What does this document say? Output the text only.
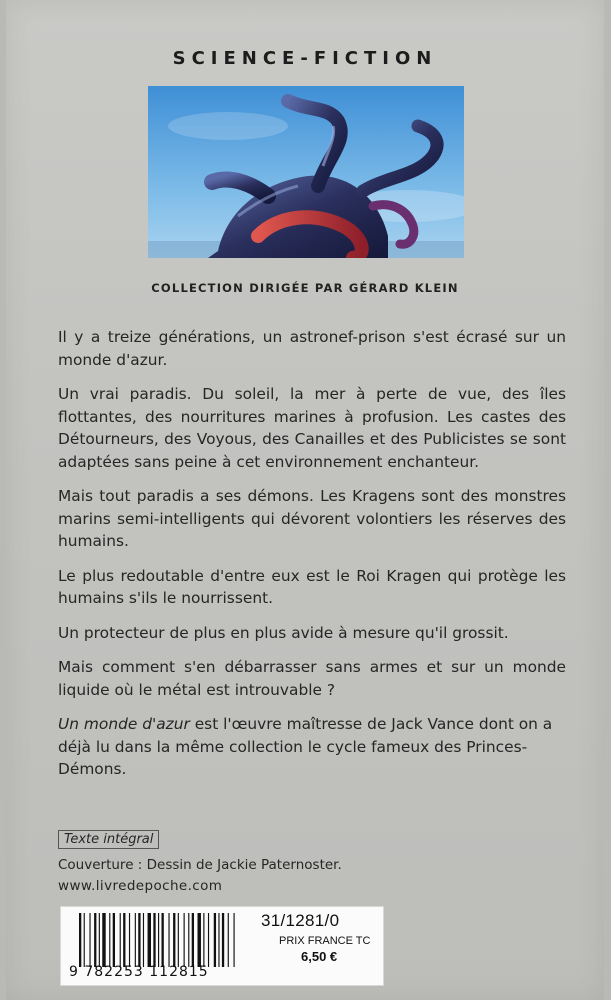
SCIENCE-FICTION
COLLECTION DIRIGÉE PAR GÉRARD KLEIN

Il y a treize générations, un astronef-prison s'est écrasé sur un monde d'azur.

Un vrai paradis. Du soleil, la mer à perte de vue, des îles flottantes, des nourritures marines à profusion. Les castes des Détourneurs, des Voyous, des Canailles et des Publicistes se sont adaptées sans peine à cet environnement enchanteur.

Mais tout paradis a ses démons. Les Kragens sont des monstres marins semi-intelligents qui dévorent volontiers les réserves des humains.

Le plus redoutable d'entre eux est le Roi Kragen qui protège les humains s'ils le nourrissent.

Un protecteur de plus en plus avide à mesure qu'il grossit.

Mais comment s'en débarrasser sans armes et sur un monde liquide où le métal est introuvable ?

Un monde d'azur est l'œuvre maîtresse de Jack Vance dont on a déjà lu dans la même collection le cycle fameux des Princes-Démons.

Texte intégral
Couverture : Dessin de Jackie Paternoster.
www.livredepoche.com
9 782253 112815
31/1281/0
PRIX FRANCE TC
6,50 €
